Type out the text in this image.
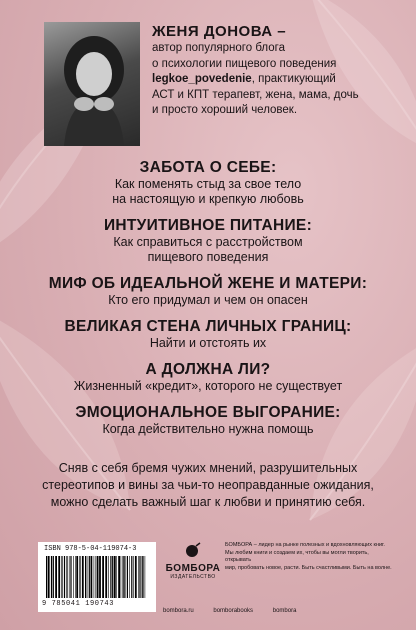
ЖЕНЯ ДОНОВА –
автор популярного блога
о психологии пищевого поведения
legkoe_povedenie, практикующий
АСТ и КПТ терапевт, жена, мама, дочь
и просто хороший человек.
ЗАБОТА О СЕБЕ:
Как поменять стыд за свое тело
на настоящую и крепкую любовь
ИНТУИТИВНОЕ ПИТАНИЕ:
Как справиться с расстройством
пищевого поведения
МИФ ОБ ИДЕАЛЬНОЙ ЖЕНЕ И МАТЕРИ:
Кто его придумал и чем он опасен
ВЕЛИКАЯ СТЕНА ЛИЧНЫХ ГРАНИЦ:
Найти и отстоять их
А ДОЛЖНА ЛИ?
Жизненный «кредит», которого не существует
ЭМОЦИОНАЛЬНОЕ ВЫГОРАНИЕ:
Когда действительно нужна помощь
Сняв с себя бремя чужих мнений, разрушительных
стереотипов и вины за чьи-то неоправданные ожидания,
можно сделать важный шаг к любви и принятию себя.
ISBN 978-5-04-119074-3
9 785041 190743
БОМБОРА
ИЗДАТЕЛЬСТВО
БОМБОРА – лидер на рынке полезных и вдохновляющих книг.
Мы любим книги и создаем их, чтобы вы могли творить, открывать
мир, пробовать новое, расти. Быть счастливыми. Быть на волне.
bombora.ru	bomborabooks	bombora
